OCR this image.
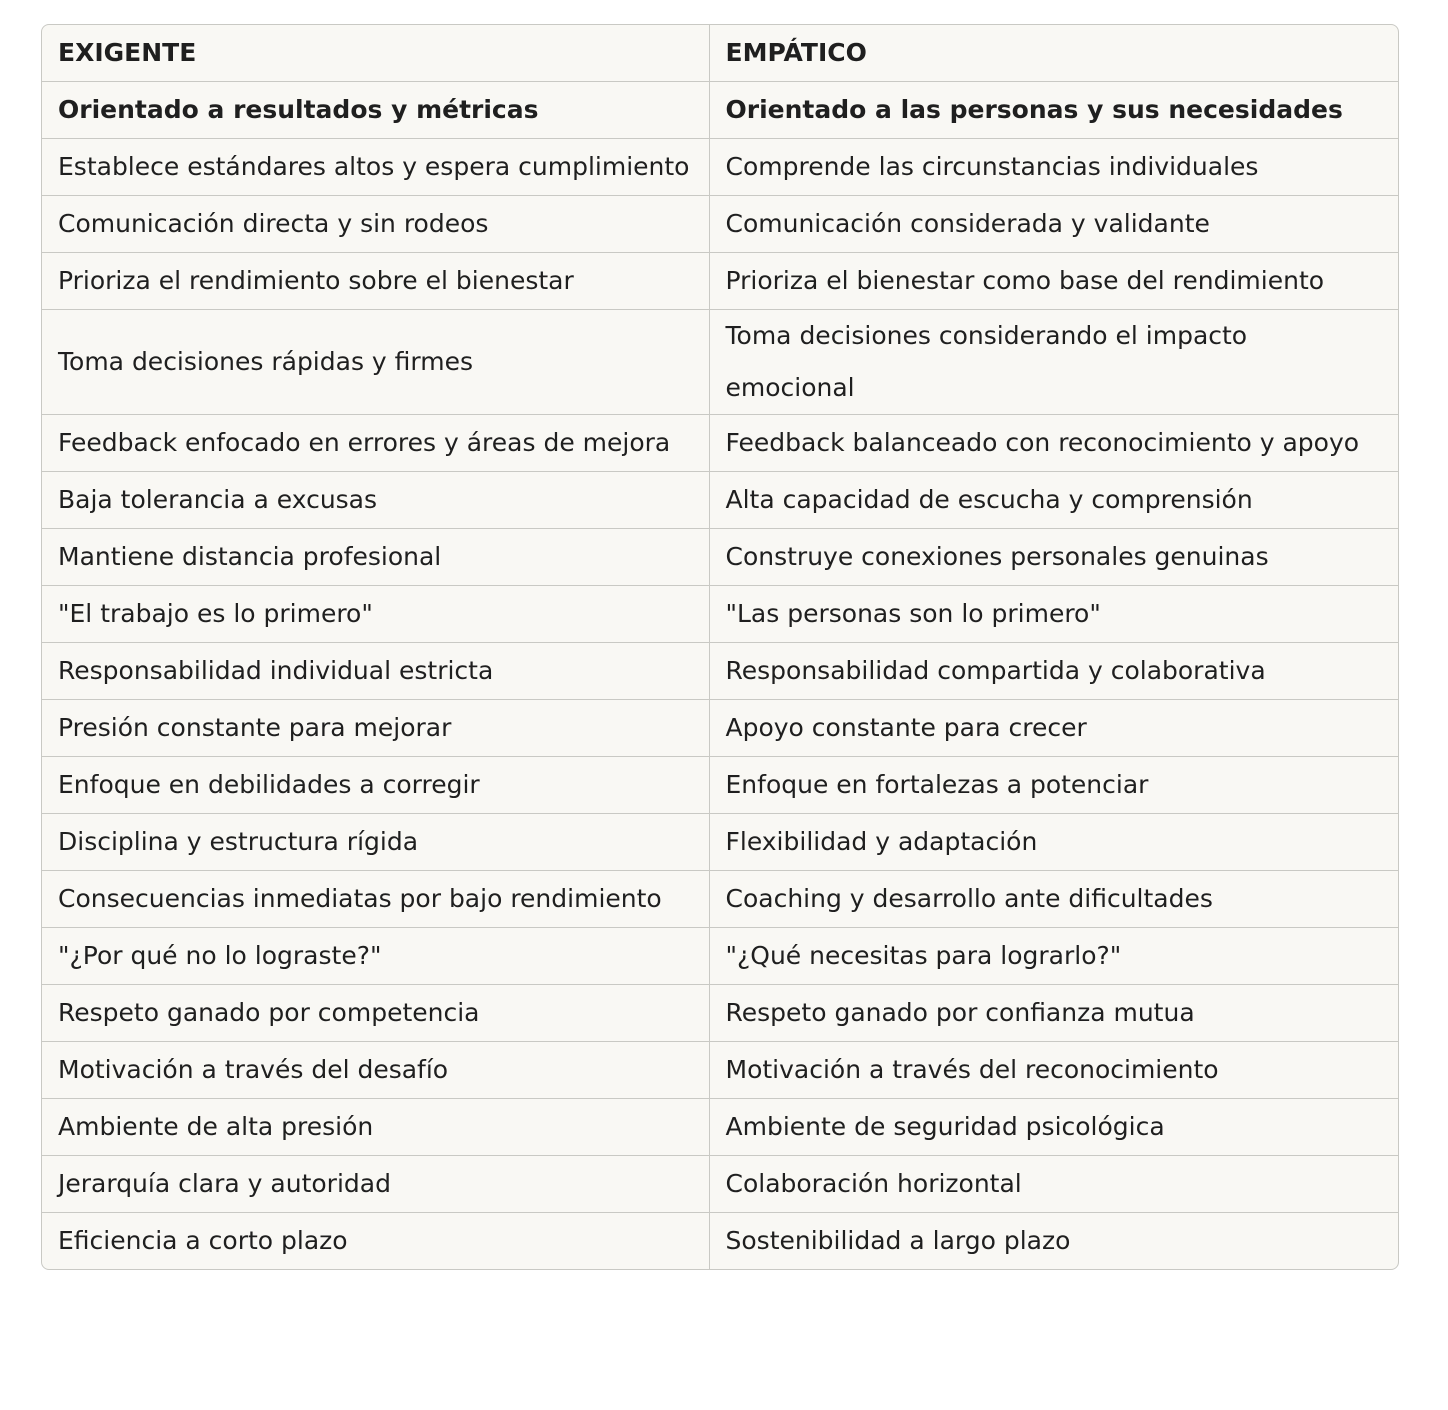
EXIGENTE	EMPÁTICO
Orientado a resultados y métricas	Orientado a las personas y sus necesidades
Establece estándares altos y espera cumplimiento	Comprende las circunstancias individuales
Comunicación directa y sin rodeos	Comunicación considerada y validante
Prioriza el rendimiento sobre el bienestar	Prioriza el bienestar como base del rendimiento
Toma decisiones rápidas y firmes	Toma decisiones considerando el impacto emocional
Feedback enfocado en errores y áreas de mejora	Feedback balanceado con reconocimiento y apoyo
Baja tolerancia a excusas	Alta capacidad de escucha y comprensión
Mantiene distancia profesional	Construye conexiones personales genuinas
"El trabajo es lo primero"	"Las personas son lo primero"
Responsabilidad individual estricta	Responsabilidad compartida y colaborativa
Presión constante para mejorar	Apoyo constante para crecer
Enfoque en debilidades a corregir	Enfoque en fortalezas a potenciar
Disciplina y estructura rígida	Flexibilidad y adaptación
Consecuencias inmediatas por bajo rendimiento	Coaching y desarrollo ante dificultades
"¿Por qué no lo lograste?"	"¿Qué necesitas para lograrlo?"
Respeto ganado por competencia	Respeto ganado por confianza mutua
Motivación a través del desafío	Motivación a través del reconocimiento
Ambiente de alta presión	Ambiente de seguridad psicológica
Jerarquía clara y autoridad	Colaboración horizontal
Eficiencia a corto plazo	Sostenibilidad a largo plazo
